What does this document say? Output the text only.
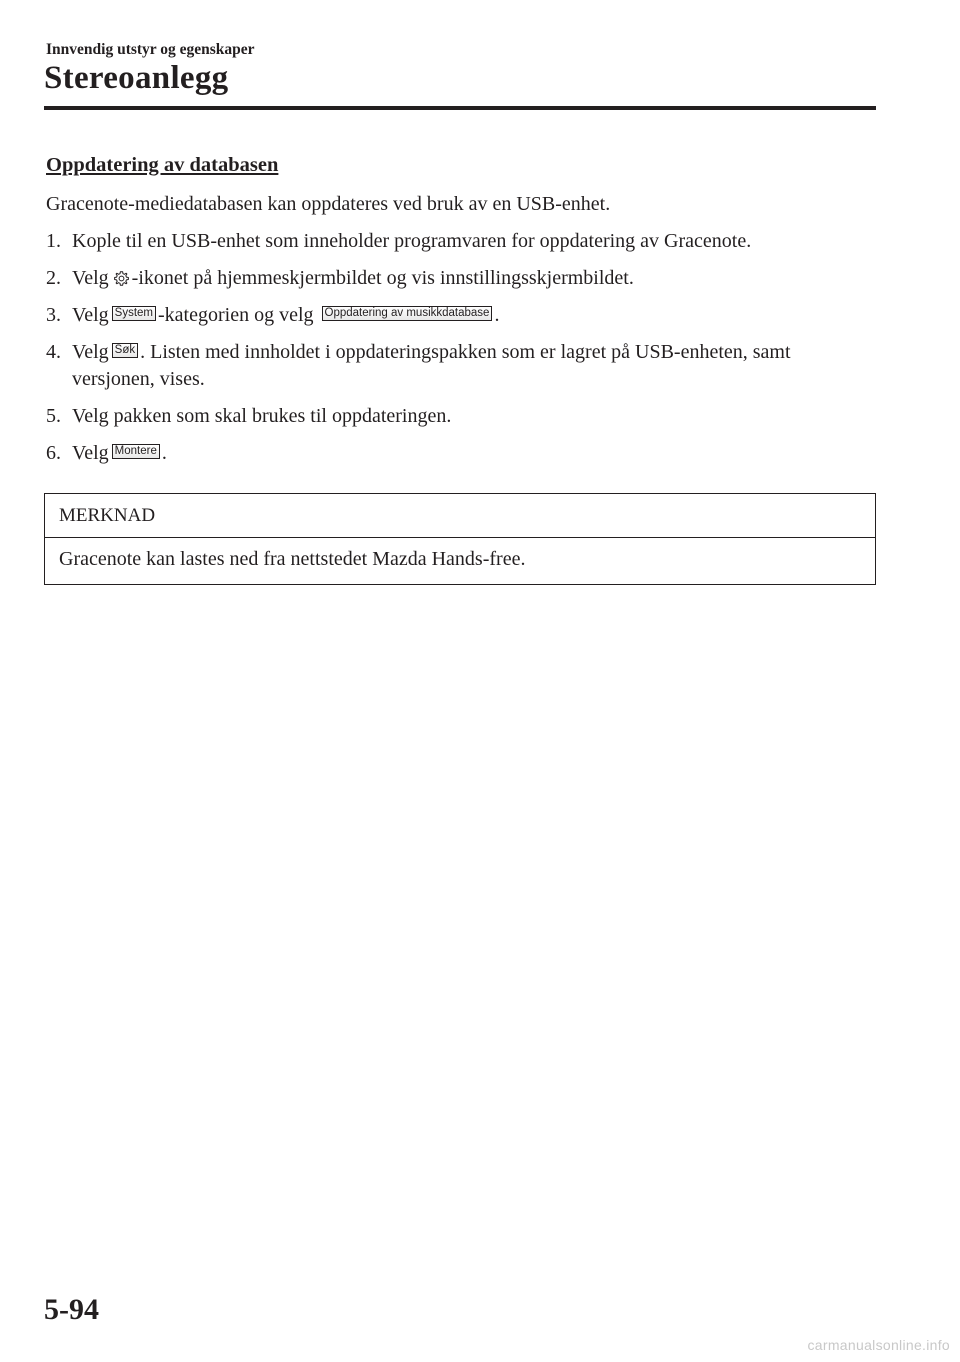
Innvendig utstyr og egenskaper
Stereoanlegg
Oppdatering av databasen
Gracenote-mediedatabasen kan oppdateres ved bruk av en USB-enhet.
1. Kople til en USB-enhet som inneholder programvaren for oppdatering av Gracenote.
2. Velg -ikonet på hjemmeskjermbildet og vis innstillingsskjermbildet.
3. Velg System -kategorien og velg Oppdatering av musikkdatabase .
4. Velg Søk . Listen med innholdet i oppdateringspakken som er lagret på USB-enheten, samt versjonen, vises.
5. Velg pakken som skal brukes til oppdateringen.
6. Velg Montere .
MERKNAD
Gracenote kan lastes ned fra nettstedet Mazda Hands-free.
5-94
carmanualsonline.info
